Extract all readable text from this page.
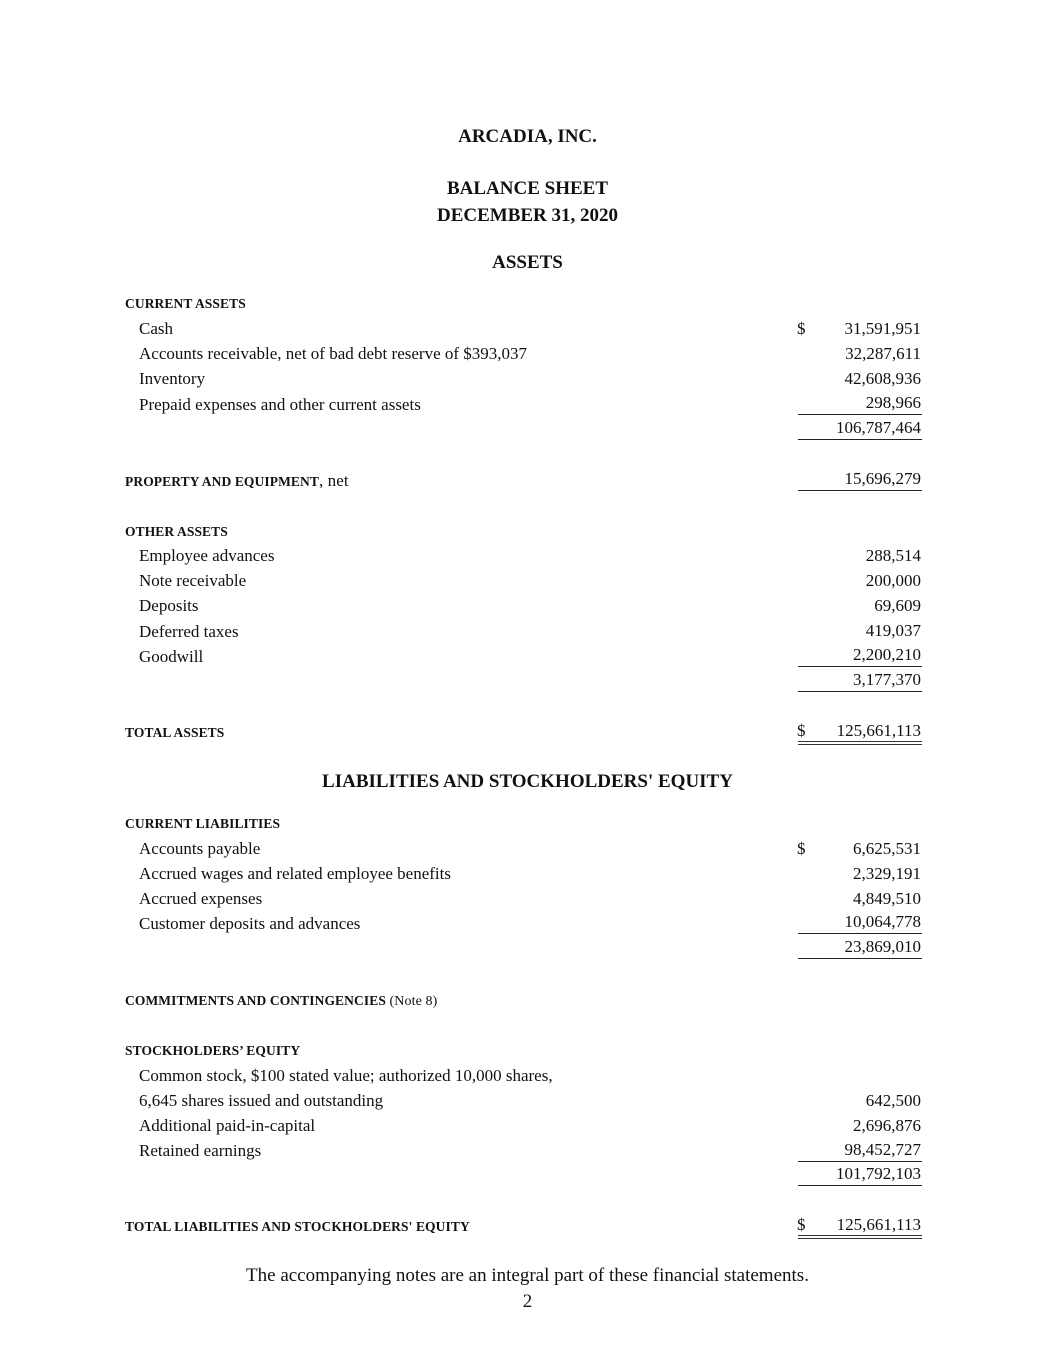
ARCADIA, INC.
BALANCE SHEET
DECEMBER 31, 2020
ASSETS
CURRENT ASSETS
Cash	$ 31,591,951
Accounts receivable, net of bad debt reserve of $393,037	32,287,611
Inventory	42,608,936
Prepaid expenses and other current assets	298,966
106,787,464
PROPERTY AND EQUIPMENT, net	15,696,279
OTHER ASSETS
Employee advances	288,514
Note receivable	200,000
Deposits	69,609
Deferred taxes	419,037
Goodwill	2,200,210
3,177,370
TOTAL ASSETS	$ 125,661,113
LIABILITIES AND STOCKHOLDERS' EQUITY
CURRENT LIABILITIES
Accounts payable	$	6,625,531
Accrued wages and related employee benefits	2,329,191
Accrued expenses	4,849,510
Customer deposits and advances	10,064,778
23,869,010
COMMITMENTS AND CONTINGENCIES (Note 8)
STOCKHOLDERS’ EQUITY
Common stock, $100 stated value; authorized 10,000 shares,
6,645 shares issued and outstanding	642,500
Additional paid-in-capital	2,696,876
Retained earnings	98,452,727
101,792,103
TOTAL LIABILITIES AND STOCKHOLDERS' EQUITY	$ 125,661,113
The accompanying notes are an integral part of these financial statements.
2
